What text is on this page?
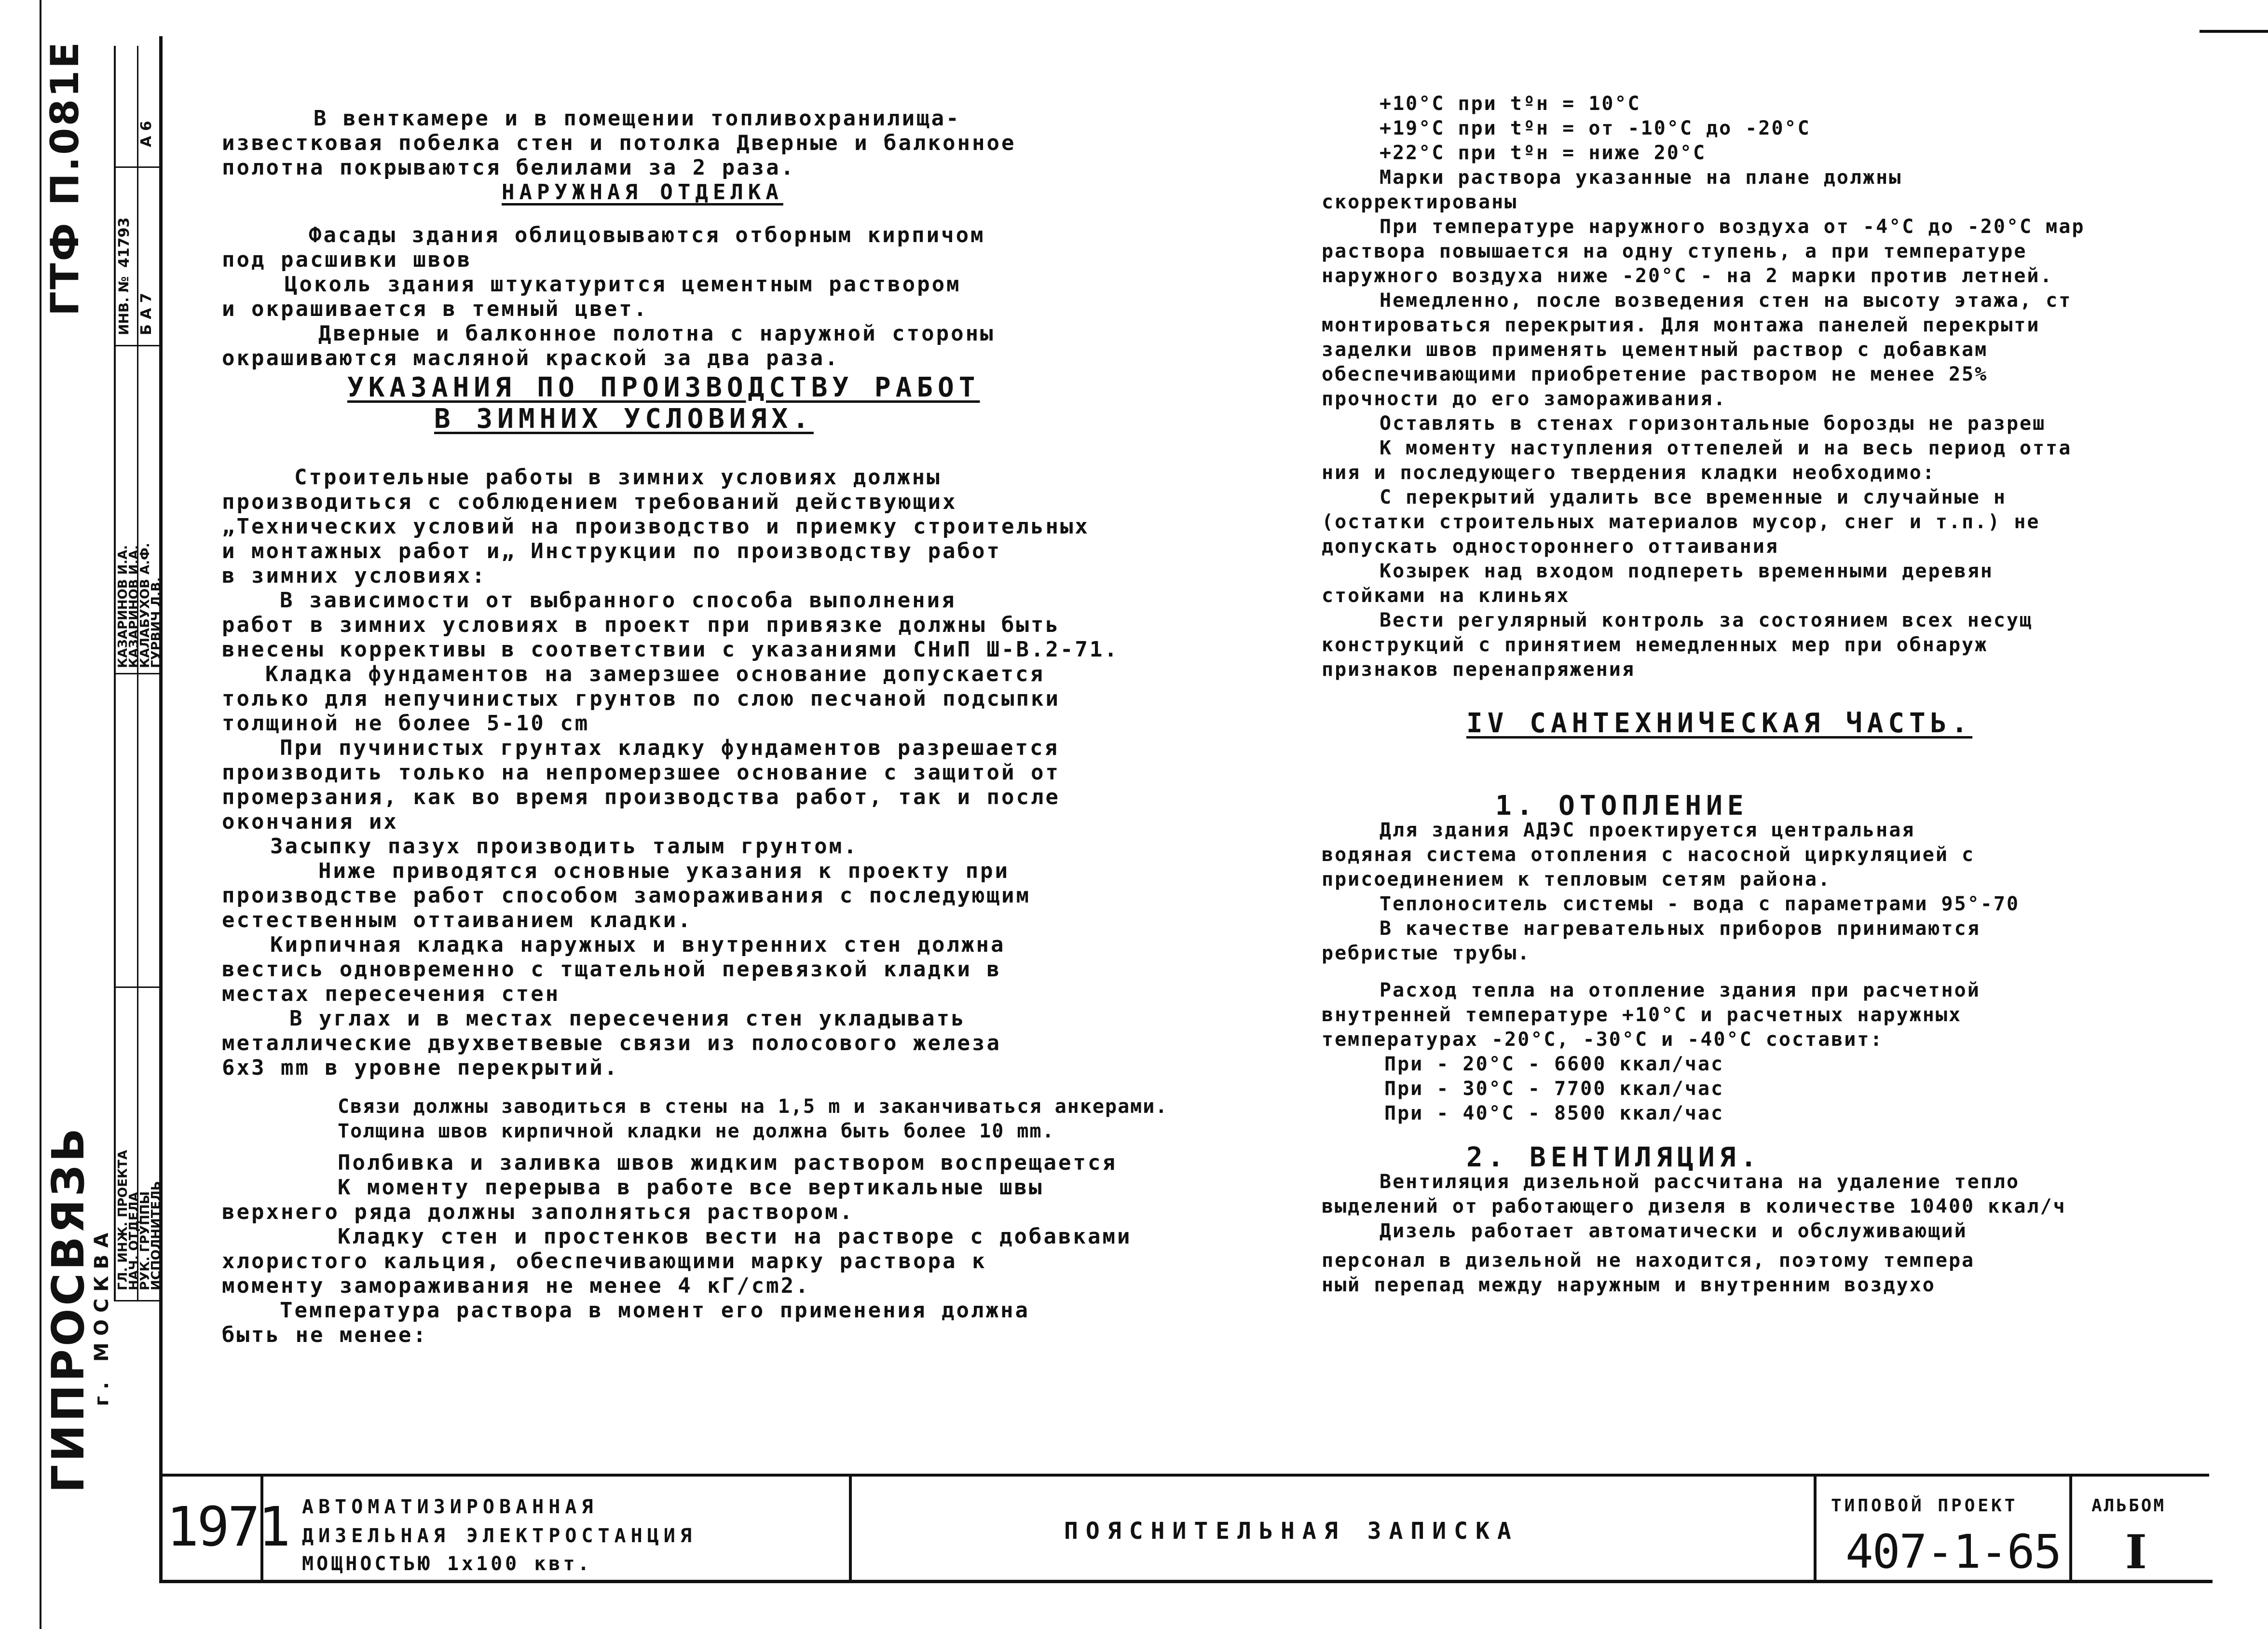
ГИПРОСВЯЗЬ
г. МОСКВА
ГТФ П.081Е ИНВ. №
41793
Б А 7
А 6
ГЛ. ИНЖ. ПРОЕКТА
НАЧ. ОТДЕЛА
РУК. ГРУППЫ
ИСПОЛНИТЕЛЬ
КАЗАРИНОВ И.А.
КАЗАРИНОВ И.А.
КАЛАБУХОВ А.Ф.
ГУРВИЧ Л.В.

В венткамере и в помещении топливохранилища-

известковая побелка стен и потолка Дверные и балконное

полотна покрываются белилами за 2 раза.

НАРУЖНАЯ ОТДЕЛКА

Фасады здания облицовываются отборным кирпичом

под расшивки швов

Цоколь здания штукатурится цементным раствором

и окрашивается в темный цвет.

Дверные и балконное полотна с наружной стороны

окрашиваются масляной краской за два раза.

УКАЗАНИЯ ПО ПРОИЗВОДСТВУ РАБОТ

В ЗИМНИХ УСЛОВИЯХ.

Строительные работы в зимних условиях должны

производиться с соблюдением требований действующих

„Технических условий на производство и приемку строительных

и монтажных работ и„ Инструкции по производству работ

в зимних условиях:

В зависимости от выбранного способа выполнения

работ в зимних условиях в проект при привязке должны быть

внесены коррективы в соответствии с указаниями СНиП Ш-В.2-71.

Кладка фундаментов на замерзшее основание допускается

только для непучинистых грунтов по слою песчаной подсыпки

толщиной не более 5-10 cm

При пучинистых грунтах кладку фундаментов разрешается

производить только на непромерзшее основание с защитой от

промерзания, как во время производства работ, так и после

окончания их

Засыпку пазух производить талым грунтом.

Ниже приводятся основные указания к проекту при

производстве работ способом замораживания с последующим

естественным оттаиванием кладки.

Кирпичная кладка наружных и внутренних стен должна

вестись одновременно с тщательной перевязкой кладки в

местах пересечения стен

В углах и в местах пересечения стен укладывать

металлические двухветвевые связи из полосового железа

6x3 mm в уровне перекрытий.

Связи должны заводиться в стены на 1,5 m и заканчиваться анкерами.

Толщина швов кирпичной кладки не должна быть более 10 mm.

Полбивка и заливка швов жидким раствором воспрещается

К моменту перерыва в работе все вертикальные швы

верхнего ряда должны заполняться раствором.

Кладку стен и простенков вести на растворе с добавками

хлористого кальция, обеспечивающими марку раствора к

моменту замораживания не менее 4 кГ/cm2.

Температура раствора в момент его применения должна

быть не менее:

+10°C при tºн = 10°C

+19°C при tºн = от -10°C до -20°C

+22°C при tºн = ниже 20°C

Марки раствора указанные на плане должны

скорректированы

При температуре наружного воздуха от -4°C до -20°C мар

раствора повышается на одну ступень, а при температуре

наружного воздуха ниже -20°C - на 2 марки против летней.

Немедленно, после возведения стен на высоту этажа, ст

монтироваться перекрытия. Для монтажа панелей перекрыти

заделки швов применять цементный раствор с добавкам

обеспечивающими приобретение раствором не менее 25%

прочности до его замораживания.

Оставлять в стенах горизонтальные борозды не разреш

К моменту наступления оттепелей и на весь период отта

ния и последующего твердения кладки необходимо:

С перекрытий удалить все временные и случайные н

(остатки строительных материалов мусор, снег и т.п.) не

допускать одностороннего оттаивания

Козырек над входом подпереть временными деревян

стойками на клиньях

Вести регулярный контроль за состоянием всех несущ

конструкций с принятием немедленных мер при обнаруж

признаков перенапряжения

IV САНТЕХНИЧЕСКАЯ ЧАСТЬ.

1. ОТОПЛЕНИЕ

Для здания АДЭС проектируется центральная

водяная система отопления с насосной циркуляцией с

присоединением к тепловым сетям района.

Теплоноситель системы - вода с параметрами 95°-70

В качестве нагревательных приборов принимаются

ребристые трубы.

Расход тепла на отопление здания при расчетной

внутренней температуре +10°C и расчетных наружных

температурах -20°C, -30°C и -40°C составит:

При - 20°C - 6600 ккал/час

При - 30°C - 7700 ккал/час

При - 40°C - 8500 ккал/час

2. ВЕНТИЛЯЦИЯ.

Вентиляция дизельной рассчитана на удаление тепло

выделений от работающего дизеля в количестве 10400 ккал/ч

Дизель работает автоматически и обслуживающий

персонал в дизельной не находится, поэтому темпера

ный перепад между наружным и внутренним воздухо

1971 АВТОМАТИЗИРОВАННАЯ
ДИЗЕЛЬНАЯ ЭЛЕКТРОСТАНЦИЯ
МОЩНОСТЬЮ 1x100 квт.
ПОЯСНИТЕЛЬНАЯ ЗАПИСКА
ТИПОВОЙ ПРОЕКТ
407-1-65
АЛЬБОМ
I
